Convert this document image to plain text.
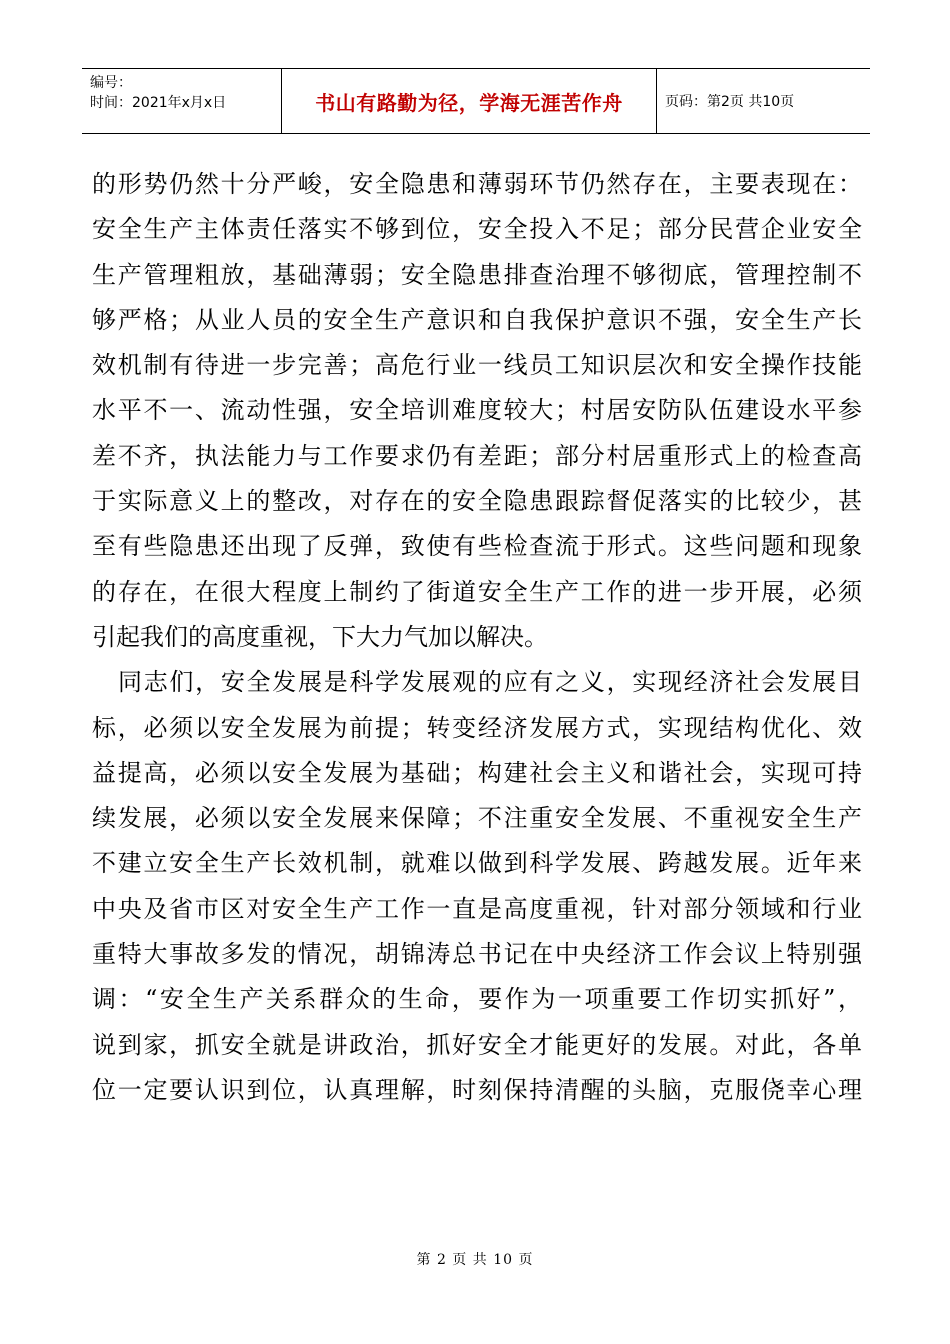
编号：
时间：2021年x月x日	书山有路勤为径，学海无涯苦作舟	页码：第2页 共10页
的形势仍然十分严峻，安全隐患和薄弱环节仍然存在，主要表现在：
安全生产主体责任落实不够到位，安全投入不足；部分民营企业安全
生产管理粗放，基础薄弱；安全隐患排查治理不够彻底，管理控制不
够严格；从业人员的安全生产意识和自我保护意识不强，安全生产长
效机制有待进一步完善；高危行业一线员工知识层次和安全操作技能
水平不一、流动性强，安全培训难度较大；村居安防队伍建设水平参
差不齐，执法能力与工作要求仍有差距；部分村居重形式上的检查高
于实际意义上的整改，对存在的安全隐患跟踪督促落实的比较少，甚
至有些隐患还出现了反弹，致使有些检查流于形式。这些问题和现象
的存在，在很大程度上制约了街道安全生产工作的进一步开展，必须
引起我们的高度重视，下大力气加以解决。
同志们，安全发展是科学发展观的应有之义，实现经济社会发展目
标，必须以安全发展为前提；转变经济发展方式，实现结构优化、效
益提高，必须以安全发展为基础；构建社会主义和谐社会，实现可持
续发展，必须以安全发展来保障；不注重安全发展、不重视安全生产
不建立安全生产长效机制，就难以做到科学发展、跨越发展。近年来
中央及省市区对安全生产工作一直是高度重视，针对部分领域和行业
重特大事故多发的情况，胡锦涛总书记在中央经济工作会议上特别强
调：“安全生产关系群众的生命，要作为一项重要工作切实抓好”，
说到家，抓安全就是讲政治，抓好安全才能更好的发展。对此，各单
位一定要认识到位，认真理解，时刻保持清醒的头脑，克服侥幸心理
第 2 页 共 10 页
